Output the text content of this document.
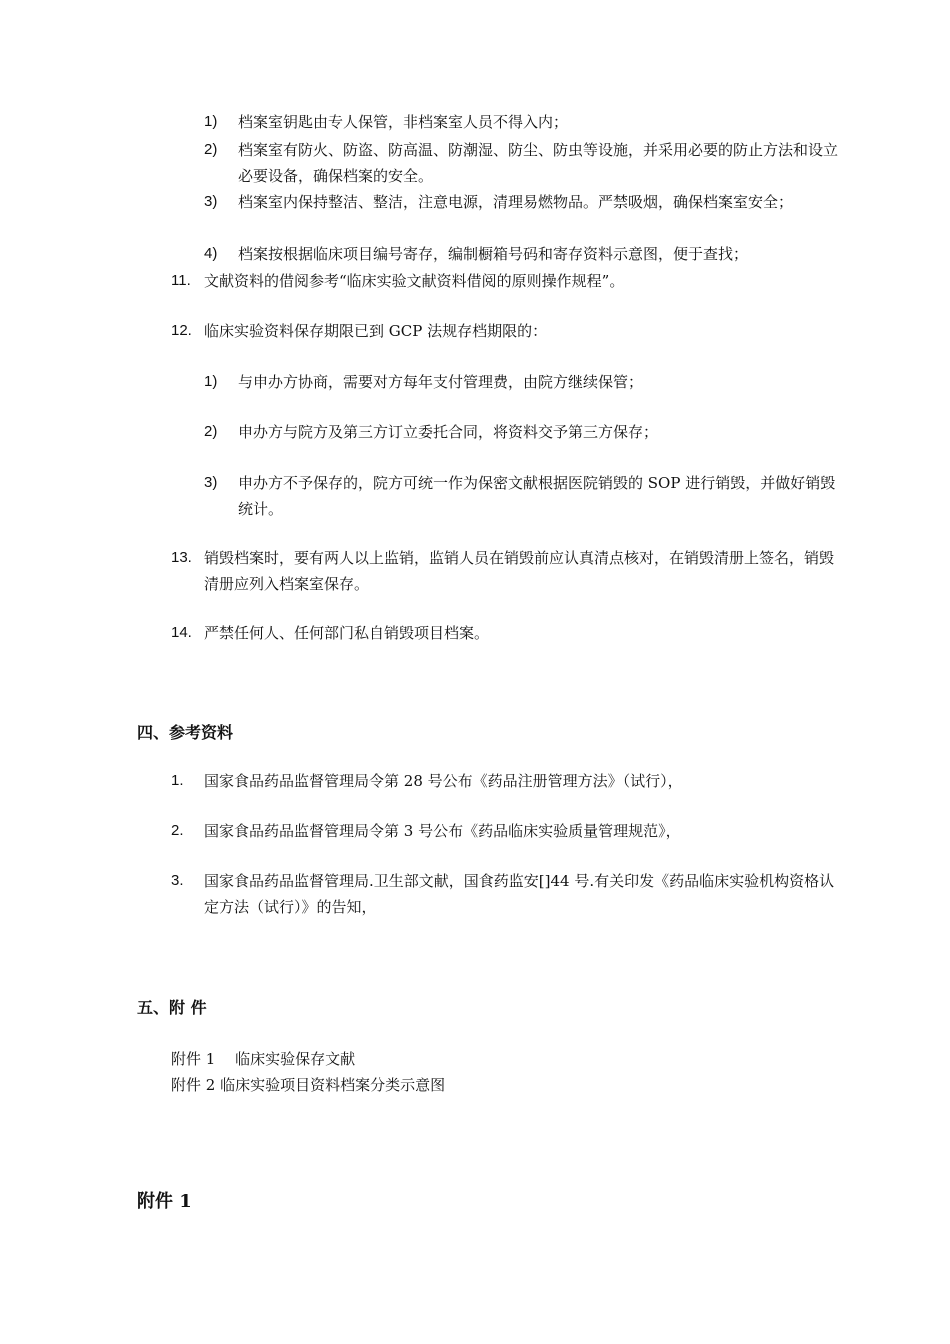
1) 档案室钥匙由专人保管，非档案室人员不得入内；
2) 档案室有防火、防盗、防高温、防潮湿、防尘、防虫等设施，并采用必要的防止方法和设立必要设备，确保档案的安全。
3) 档案室内保持整洁、整洁，注意电源，清理易燃物品。严禁吸烟，确保档案室安全；
4) 档案按根据临床项目编号寄存，编制橱箱号码和寄存资料示意图，便于查找；
11. 文献资料的借阅参考“临床实验文献资料借阅的原则操作规程”。
12. 临床实验资料保存期限已到 GCP 法规存档期限的：
1) 与申办方协商，需要对方每年支付管理费，由院方继续保管；
2) 申办方与院方及第三方订立委托合同，将资料交予第三方保存；
3) 申办方不予保存的，院方可统一作为保密文献根据医院销毁的 SOP 进行销毁，并做好销毁统计。
13. 销毁档案时，要有两人以上监销，监销人员在销毁前应认真清点核对，在销毁清册上签名，销毁清册应列入档案室保存。
14. 严禁任何人、任何部门私自销毁项目档案。
四、参考资料
1. 国家食品药品监督管理局令第 28 号公布《药品注册管理方法》（试行），
2. 国家食品药品监督管理局令第 3 号公布《药品临床实验质量管理规范》，
3. 国家食品药品监督管理局.卫生部文献，国食药监安[]44 号.有关印发《药品临床实验机构资格认定方法（试行）》的告知，
五、附 件
附件 1　 临床实验保存文献
附件 2 临床实验项目资料档案分类示意图
附件 1
